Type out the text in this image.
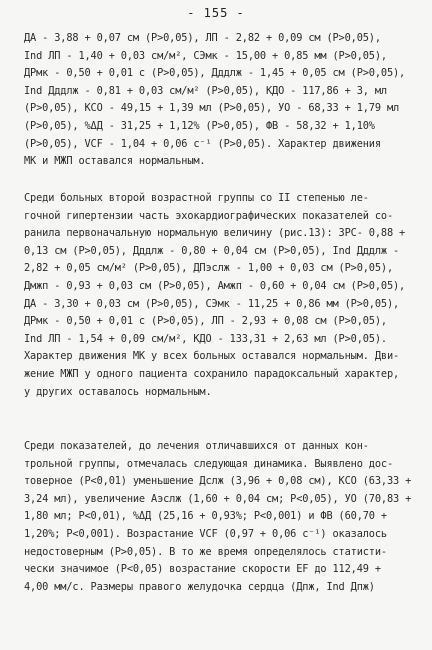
- 155 -
ДА - 3,88 + 0,07 см (Р>0,05), ЛП - 2,82 + 0,09 см (Р>0,05),
Ind ЛП - 1,40 + 0,03 см/м², СЭмк - 15,00 + 0,85 мм (Р>0,05),
ДРмк - 0,50 + 0,01 с (Р>0,05), Дддлж - 1,45 + 0,05 см (Р>0,05),
Ind Дддлж - 0,81 + 0,03 см/м² (Р>0,05), КДО - 117,86 + 3, мл
(Р>0,05), КСО - 49,15 + 1,39 мл (Р>0,05), УО - 68,33 + 1,79 мл
(Р>0,05), %ΔД - 31,25 + 1,12% (Р>0,05), ФВ - 58,32 + 1,10%
(Р>0,05), VСF - 1,04 + 0,06 с⁻¹ (Р>0,05). Характер движения
МК и МЖП оставался нормальным.
Среди больных второй возрастной группы со II степенью ле-
гочной гипертензии часть эхокардиографических показателей со-
ранила первоначальную нормальную величину (рис.13): ЗРС- 0,88 +
0,13 см (Р>0,05), Дддлж - 0,80 + 0,04 см (Р>0,05), Ind Дддлж -
2,82 + 0,05 см/м² (Р>0,05), ДПэслж - 1,00 + 0,03 см (Р>0,05),
Дмжп - 0,93 + 0,03 см (Р>0,05), Амжп - 0,60 + 0,04 см (Р>0,05),
ДА - 3,30 + 0,03 см (Р>0,05), СЭмк - 11,25 + 0,86 мм (Р>0,05),
ДРмк - 0,50 + 0,01 с (Р>0,05), ЛП - 2,93 + 0,08 см (Р>0,05),
Ind ЛП - 1,54 + 0,09 см/м², КДО - 133,31 + 2,63 мл (Р>0,05).
Характер движения МК у всех больных оставался нормальным. Дви-
жение МЖП у одного пациента сохранило парадоксальный характер,
у других оставалось нормальным.
Среди показателей, до лечения отличавшихся от данных кон-
трольной группы, отмечалась следующая динамика. Выявлено дос-
товерное (Р<0,01) уменьшение Дслж (3,96 + 0,08 см), КСО (63,33 +
3,24 мл), увеличение Аэслж (1,60 + 0,04 см; Р<0,05), УО (70,83 +
1,80 мл; Р<0,01), %ΔД (25,16 + 0,93%; Р<0,001) и ФВ (60,70 +
1,20%; Р<0,001). Возрастание VСF (0,97 + 0,06 с⁻¹) оказалось
недостоверным (Р>0,05). В то же время определялось статисти-
чески значимое (Р<0,05) возрастание скорости EF до 112,49 +
4,00 мм/с. Размеры правого желудочка сердца (Дпж, Ind Дпж)
